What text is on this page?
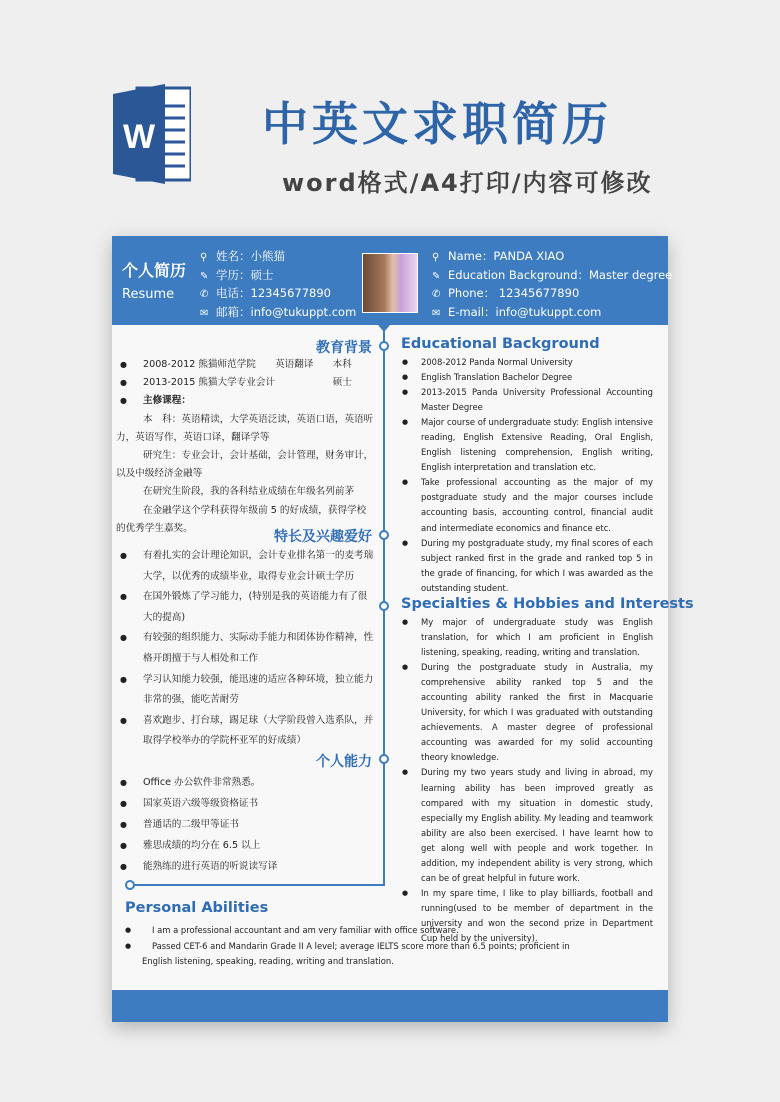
W 中英文求职简历
word格式/A4打印/内容可修改
个人简历
Resume
⚲ 姓名：小熊猫
✎ 学历：硕士
✆ 电话：12345677890
✉ 邮箱：info@tukuppt.com
⚲ Name：PANDA XIAO
✎ Education Background：Master degree
✆ Phone： 12345677890
✉ E-mail：info@tukuppt.com
教育背景

● 2008-2012 熊猫师范学院　　英语翻译　　本科

● 2013-2015 熊猫大学专业会计　　　　　　硕士

● 主修课程：

本　科：英语精读，大学英语泛读，英语口语，英语听力，英语写作，英语口译，翻译学等

研究生：专业会计，会计基础，会计管理，财务审计，以及中级经济金融等

在研究生阶段，我的各科结业成绩在年级名列前茅

在金融学这个学科获得年级前 5 的好成绩，获得学校的优秀学生嘉奖。

特长及兴趣爱好

● 有着扎实的会计理论知识，会计专业排名第一的麦考瑞大学，以优秀的成绩毕业，取得专业会计硕士学历

● 在国外锻炼了学习能力，(特别是我的英语能力有了很大的提高)

● 有较强的组织能力、实际动手能力和团体协作精神，性格开朗擅于与人相处和工作

● 学习认知能力较强，能迅速的适应各种环境，独立能力非常的强，能吃苦耐劳

● 喜欢跑步、打台球，踢足球（大学阶段曾入选系队，并取得学校举办的学院杯亚军的好成绩）

个人能力

● Office 办公软件非常熟悉。

● 国家英语六级等级资格证书

● 普通话的二级甲等证书

● 雅思成绩的均分在 6.5 以上

● 能熟练的进行英语的听说读写译

Educational Background

● 2008-2012 Panda Normal University

● English Translation Bachelor Degree

● 2013-2015 Panda University Professional Accounting Master Degree

● Major course of undergraduate study: English intensive reading, English Extensive Reading, Oral English, English listening comprehension, English writing, English interpretation and translation etc.

● Take professional accounting as the major of my postgraduate study and the major courses include accounting basis, accounting control, financial audit and intermediate economics and finance etc.

● During my postgraduate study, my final scores of each subject ranked first in the grade and ranked top 5 in the grade of financing, for which I was awarded as the outstanding student.

Specialties & Hobbies and Interests

● My major of undergraduate study was English translation, for which I am proficient in English listening, speaking, reading, writing and translation.

● During the postgraduate study in Australia, my comprehensive ability ranked top 5 and the accounting ability ranked the first in Macquarie University, for which I was graduated with outstanding achievements. A master degree of professional accounting was awarded for my solid accounting theory knowledge.

● During my two years study and living in abroad, my learning ability has been improved greatly as compared with my situation in domestic study, especially my English ability. My leading and teamwork ability are also been exercised. I have learnt how to get along well with people and work together. In addition, my independent ability is very strong, which can be of great helpful in future work.

● In my spare time, I like to play billiards, football and running(used to be member of department in the university and won the second prize in Department Cup held by the university).

Personal Abilities

● I am a professional accountant and am very familiar with office software.

● Passed CET-6 and Mandarin Grade II A level; average IELTS score more than 6.5 points; proficient in

English listening, speaking, reading, writing and translation.
